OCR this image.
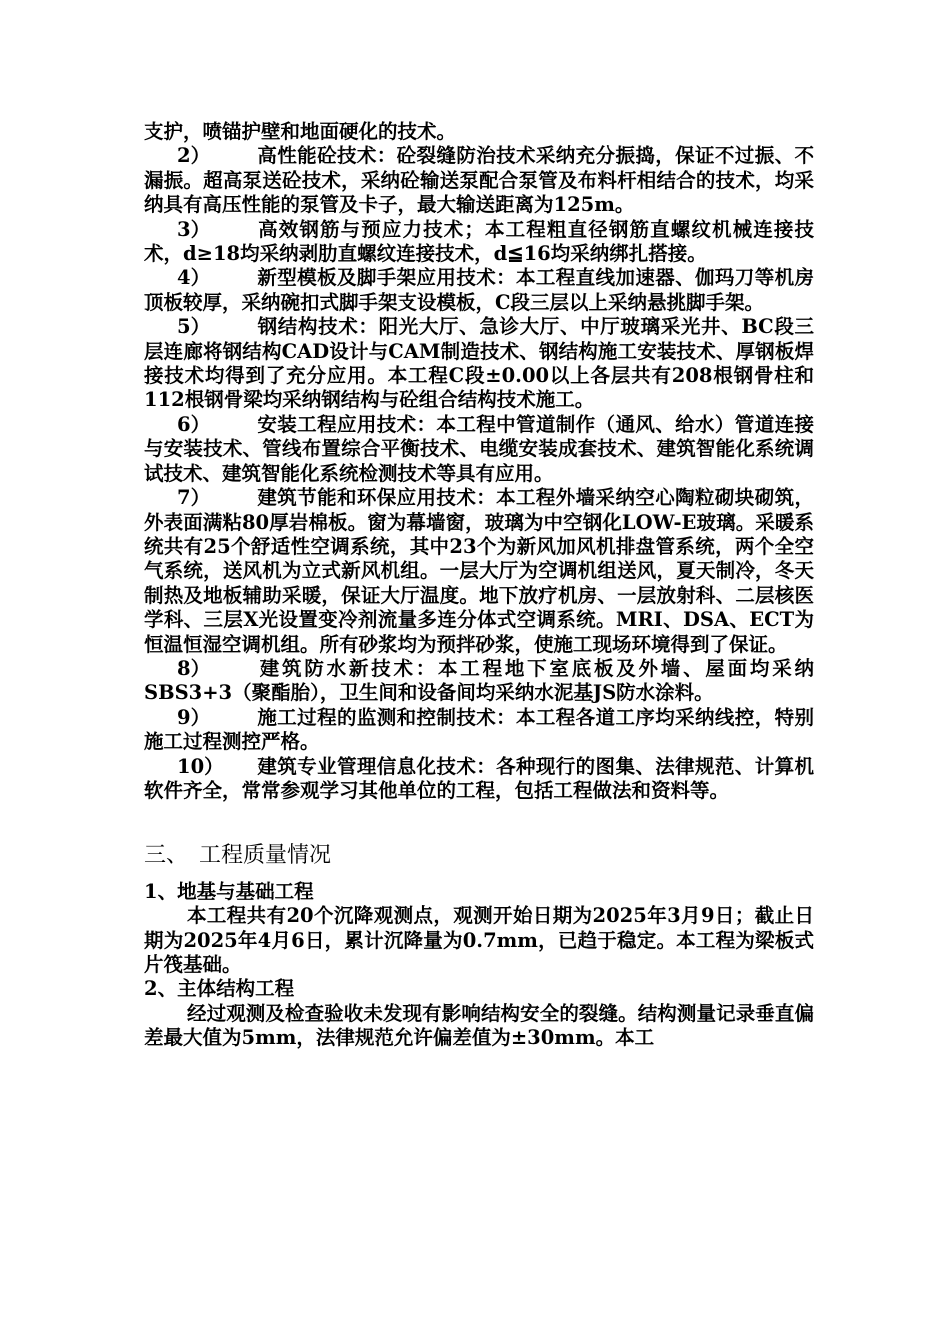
支护，喷锚护壁和地面硬化的技术。

2） 高性能砼技术：砼裂缝防治技术采纳充分振捣，保证不过振、不漏振。超高泵送砼技术，采纳砼输送泵配合泵管及布料杆相结合的技术，均采纳具有高压性能的泵管及卡子，最大输送距离为125m。

3） 高效钢筋与预应力技术；本工程粗直径钢筋直螺纹机械连接技术，d≥18均采纳剥肋直螺纹连接技术，d≦16均采纳绑扎搭接。

4） 新型模板及脚手架应用技术：本工程直线加速器、伽玛刀等机房顶板较厚，采纳碗扣式脚手架支设模板，C段三层以上采纳悬挑脚手架。

5） 钢结构技术：阳光大厅、急诊大厅、中厅玻璃采光井、BC段三层连廊将钢结构CAD设计与CAM制造技术、钢结构施工安装技术、厚钢板焊接技术均得到了充分应用。本工程C段±0.00以上各层共有208根钢骨柱和112根钢骨梁均采纳钢结构与砼组合结构技术施工。

6） 安装工程应用技术：本工程中管道制作（通风、给水）管道连接与安装技术、管线布置综合平衡技术、电缆安装成套技术、建筑智能化系统调试技术、建筑智能化系统检测技术等具有应用。

7） 建筑节能和环保应用技术：本工程外墙采纳空心陶粒砌块砌筑，外表面满粘80厚岩棉板。窗为幕墙窗，玻璃为中空钢化LOW-E玻璃。采暖系统共有25个舒适性空调系统，其中23个为新风加风机排盘管系统，两个全空气系统，送风机为立式新风机组。一层大厅为空调机组送风，夏天制冷，冬天制热及地板辅助采暖，保证大厅温度。地下放疗机房、一层放射科、二层核医学科、三层X光设置变冷剂流量多连分体式空调系统。MRI、DSA、ECT为恒温恒湿空调机组。所有砂浆均为预拌砂浆，使施工现场环境得到了保证。

8） 建筑防水新技术：本工程地下室底板及外墙、屋面均采纳SBS3+3（聚酯胎），卫生间和设备间均采纳水泥基JS防水涂料。

9） 施工过程的监测和控制技术：本工程各道工序均采纳线控，特别施工过程测控严格。

10） 建筑专业管理信息化技术：各种现行的图集、法律规范、计算机软件齐全，常常参观学习其他单位的工程，包括工程做法和资料等。

三、 工程质量情况
1、地基与基础工程

本工程共有20个沉降观测点，观测开始日期为2025年3月9日；截止日期为2025年4月6日，累计沉降量为0.7mm，已趋于稳定。本工程为梁板式片筏基础。

2、主体结构工程

经过观测及检查验收未发现有影响结构安全的裂缝。结构测量记录垂直偏差最大值为5mm，法律规范允许偏差值为±30mm。本工
